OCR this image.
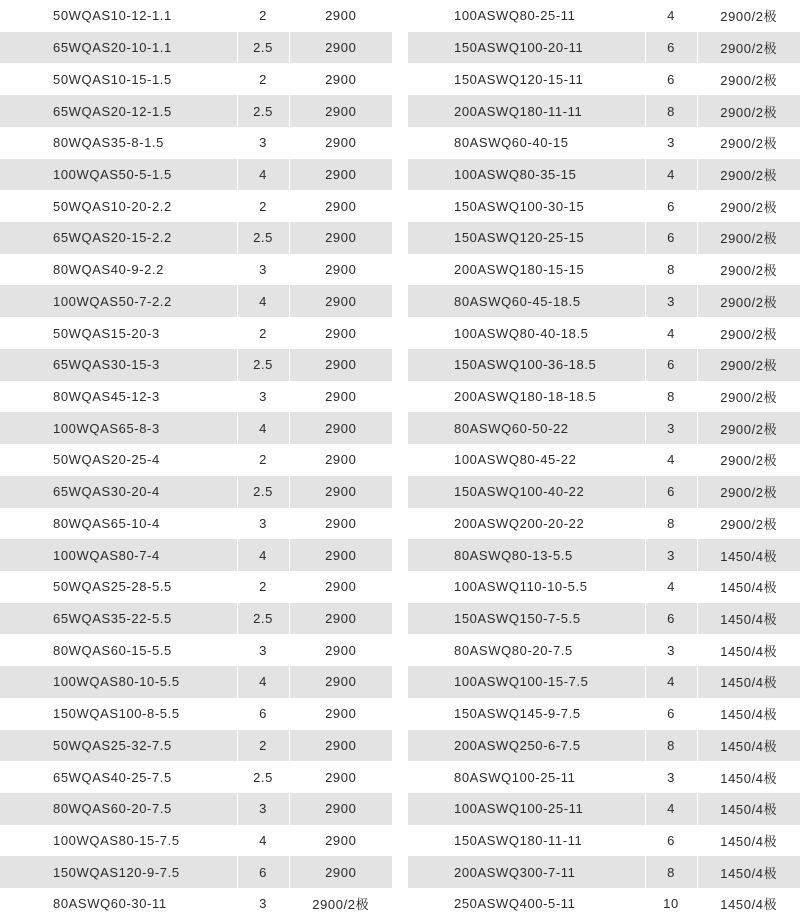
50WQAS10-12-1.1	2	2900
65WQAS20-10-1.1	2.5	2900
50WQAS10-15-1.5	2	2900
65WQAS20-12-1.5	2.5	2900
80WQAS35-8-1.5	3	2900
100WQAS50-5-1.5	4	2900
50WQAS10-20-2.2	2	2900
65WQAS20-15-2.2	2.5	2900
80WQAS40-9-2.2	3	2900
100WQAS50-7-2.2	4	2900
50WQAS15-20-3	2	2900
65WQAS30-15-3	2.5	2900
80WQAS45-12-3	3	2900
100WQAS65-8-3	4	2900
50WQAS20-25-4	2	2900
65WQAS30-20-4	2.5	2900
80WQAS65-10-4	3	2900
100WQAS80-7-4	4	2900
50WQAS25-28-5.5	2	2900
65WQAS35-22-5.5	2.5	2900
80WQAS60-15-5.5	3	2900
100WQAS80-10-5.5	4	2900
150WQAS100-8-5.5	6	2900
50WQAS25-32-7.5	2	2900
65WQAS40-25-7.5	2.5	2900
80WQAS60-20-7.5	3	2900
100WQAS80-15-7.5	4	2900
150WQAS120-9-7.5	6	2900
80ASWQ60-30-11	3	2900/2极
100ASWQ80-25-11	4	2900/2极
150ASWQ100-20-11	6	2900/2极
150ASWQ120-15-11	6	2900/2极
200ASWQ180-11-11	8	2900/2极
80ASWQ60-40-15	3	2900/2极
100ASWQ80-35-15	4	2900/2极
150ASWQ100-30-15	6	2900/2极
150ASWQ120-25-15	6	2900/2极
200ASWQ180-15-15	8	2900/2极
80ASWQ60-45-18.5	3	2900/2极
100ASWQ80-40-18.5	4	2900/2极
150ASWQ100-36-18.5	6	2900/2极
200ASWQ180-18-18.5	8	2900/2极
80ASWQ60-50-22	3	2900/2极
100ASWQ80-45-22	4	2900/2极
150ASWQ100-40-22	6	2900/2极
200ASWQ200-20-22	8	2900/2极
80ASWQ80-13-5.5	3	1450/4极
100ASWQ110-10-5.5	4	1450/4极
150ASWQ150-7-5.5	6	1450/4极
80ASWQ80-20-7.5	3	1450/4极
100ASWQ100-15-7.5	4	1450/4极
150ASWQ145-9-7.5	6	1450/4极
200ASWQ250-6-7.5	8	1450/4极
80ASWQ100-25-11	3	1450/4极
100ASWQ100-25-11	4	1450/4极
150ASWQ180-11-11	6	1450/4极
200ASWQ300-7-11	8	1450/4极
250ASWQ400-5-11	10	1450/4极
